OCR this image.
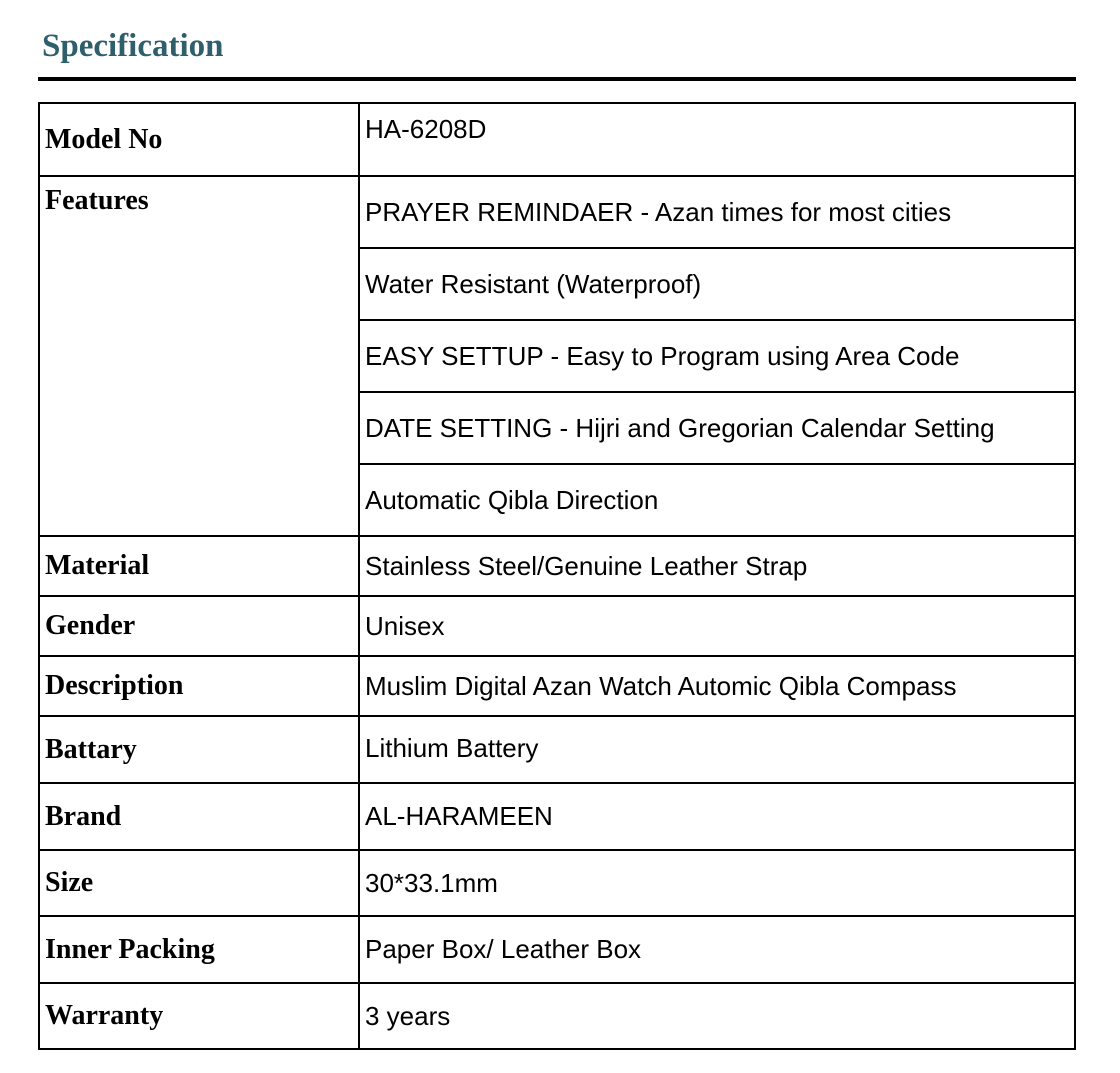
Specification
Model No	HA-6208D
Features	PRAYER REMINDAER - Azan times for most cities
	Water Resistant (Waterproof)
	EASY SETTUP - Easy to Program using Area Code
	DATE SETTING - Hijri and Gregorian Calendar Setting
	Automatic Qibla Direction
Material	Stainless Steel/Genuine Leather Strap
Gender	Unisex
Description	Muslim Digital Azan Watch Automic Qibla Compass
Battary	Lithium Battery
Brand	AL-HARAMEEN
Size	30*33.1mm
Inner Packing	Paper Box/ Leather Box
Warranty	3 years
